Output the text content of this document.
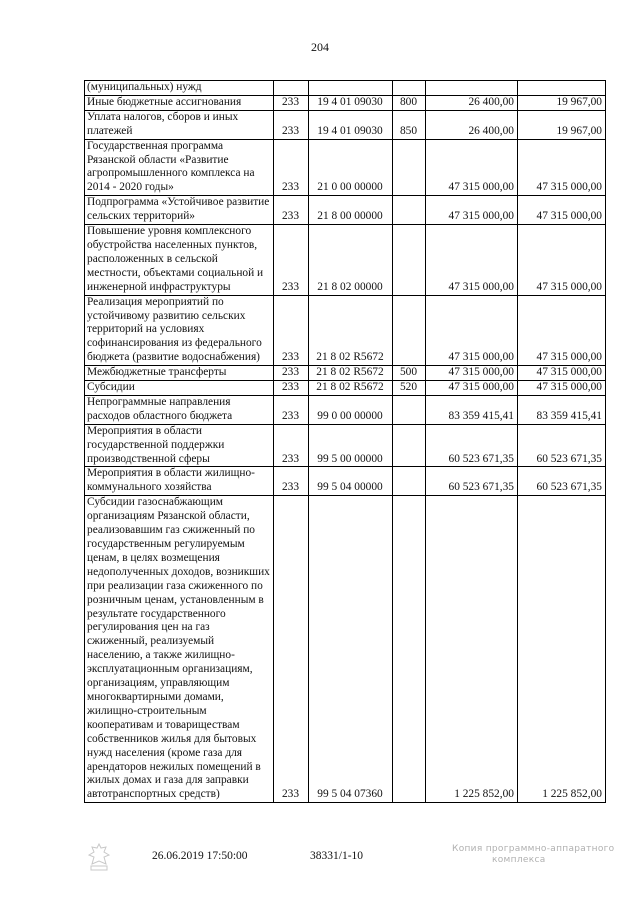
204
(муниципальных) нужд					
Иные бюджетные ассигнования	233	19 4 01 09030	800	26 400,00	19 967,00
Уплата налогов, сборов и иных платежей	233	19 4 01 09030	850	26 400,00	19 967,00
Государственная программа Рязанской области «Развитие агропромышленного комплекса на 2014 - 2020 годы»	233	21 0 00 00000		47 315 000,00	47 315 000,00
Подпрограмма «Устойчивое развитие сельских территорий»	233	21 8 00 00000		47 315 000,00	47 315 000,00
Повышение уровня комплексного обустройства населенных пунктов, расположенных в сельской местности, объектами социальной и инженерной инфраструктуры	233	21 8 02 00000		47 315 000,00	47 315 000,00
Реализация мероприятий по устойчивому развитию сельских территорий на условиях софинансирования из федерального бюджета (развитие водоснабжения)	233	21 8 02 R5672		47 315 000,00	47 315 000,00
Межбюджетные трансферты	233	21 8 02 R5672	500	47 315 000,00	47 315 000,00
Субсидии	233	21 8 02 R5672	520	47 315 000,00	47 315 000,00
Непрограммные направления расходов областного бюджета	233	99 0 00 00000		83 359 415,41	83 359 415,41
Мероприятия в области государственной поддержки производственной сферы	233	99 5 00 00000		60 523 671,35	60 523 671,35
Мероприятия в области жилищно-коммунального хозяйства	233	99 5 04 00000		60 523 671,35	60 523 671,35
Субсидии газоснабжающим организациям Рязанской области, реализовавшим газ сжиженный по государственным регулируемым ценам, в целях возмещения недополученных доходов, возникших при реализации газа сжиженного по розничным ценам, установленным в результате государственного регулирования цен на газ сжиженный, реализуемый населению, а также жилищно-эксплуатационным организациям, организациям, управляющим многоквартирными домами, жилищно-строительным кооперативам и товариществам собственников жилья для бытовых нужд населения (кроме газа для арендаторов нежилых помещений в жилых домах и газа для заправки автотранспортных средств)	233	99 5 04 07360		1 225 852,00	1 225 852,00
26.06.2019 17:50:00	38331/1-10
Копия программно-аппаратного
комплекса
